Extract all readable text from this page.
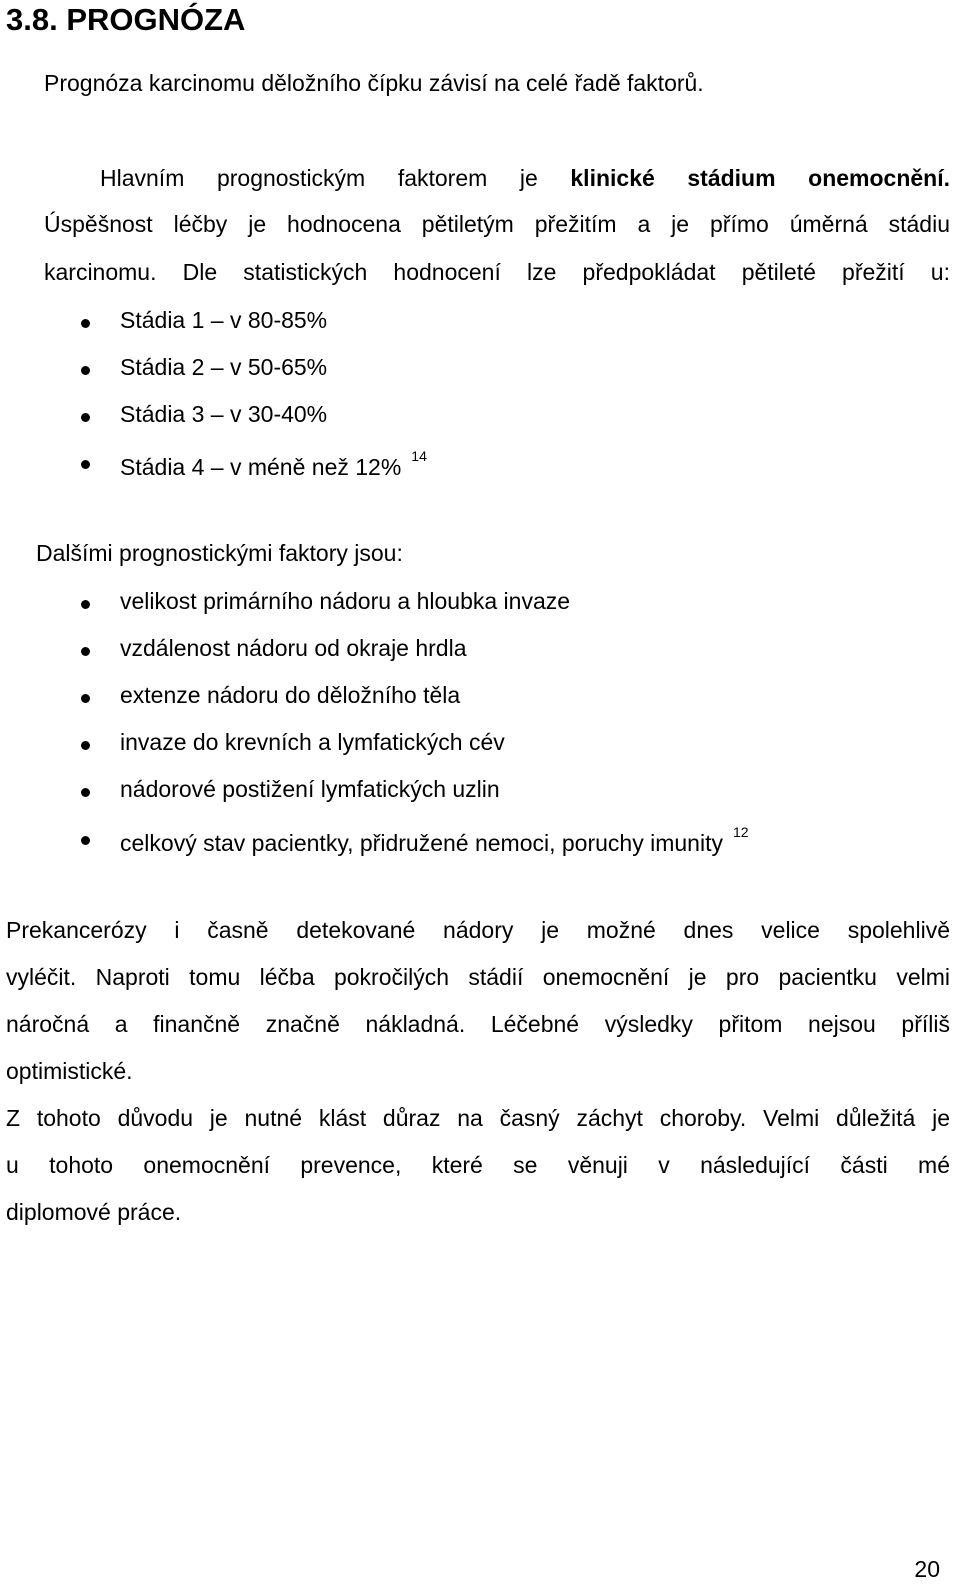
3.8. PROGNÓZA

Prognóza karcinomu děložního čípku závisí na celé řadě faktorů.

Hlavním prognostickým faktorem je klinické stádium onemocnění.

Úspěšnost léčby je hodnocena pětiletým přežitím a je přímo úměrná stádiu

karcinomu. Dle statistických hodnocení lze předpokládat pětileté přežití u:

Stádia 1 – v 80-85%

Stádia 2 – v 50-65%

Stádia 3 – v 30-40%

Stádia 4 – v méně než 12% $^{14}$

Dalšími prognostickými faktory jsou:

velikost primárního nádoru a hloubka invaze

vzdálenost nádoru od okraje hrdla

extenze nádoru do děložního těla

invaze do krevních a lymfatických cév

nádorové postižení lymfatických uzlin

celkový stav pacientky, přidružené nemoci, poruchy imunity $^{12}$

Prekancerózy i časně detekované nádory je možné dnes velice spolehlivě

vyléčit. Naproti tomu léčba pokročilých stádií onemocnění je pro pacientku velmi

náročná a finančně značně nákladná. Léčebné výsledky přitom nejsou příliš

optimistické.

Z tohoto důvodu je nutné klást důraz na časný záchyt choroby. Velmi důležitá je

u tohoto onemocnění prevence, které se věnuji v následující části mé

diplomové práce.

20
